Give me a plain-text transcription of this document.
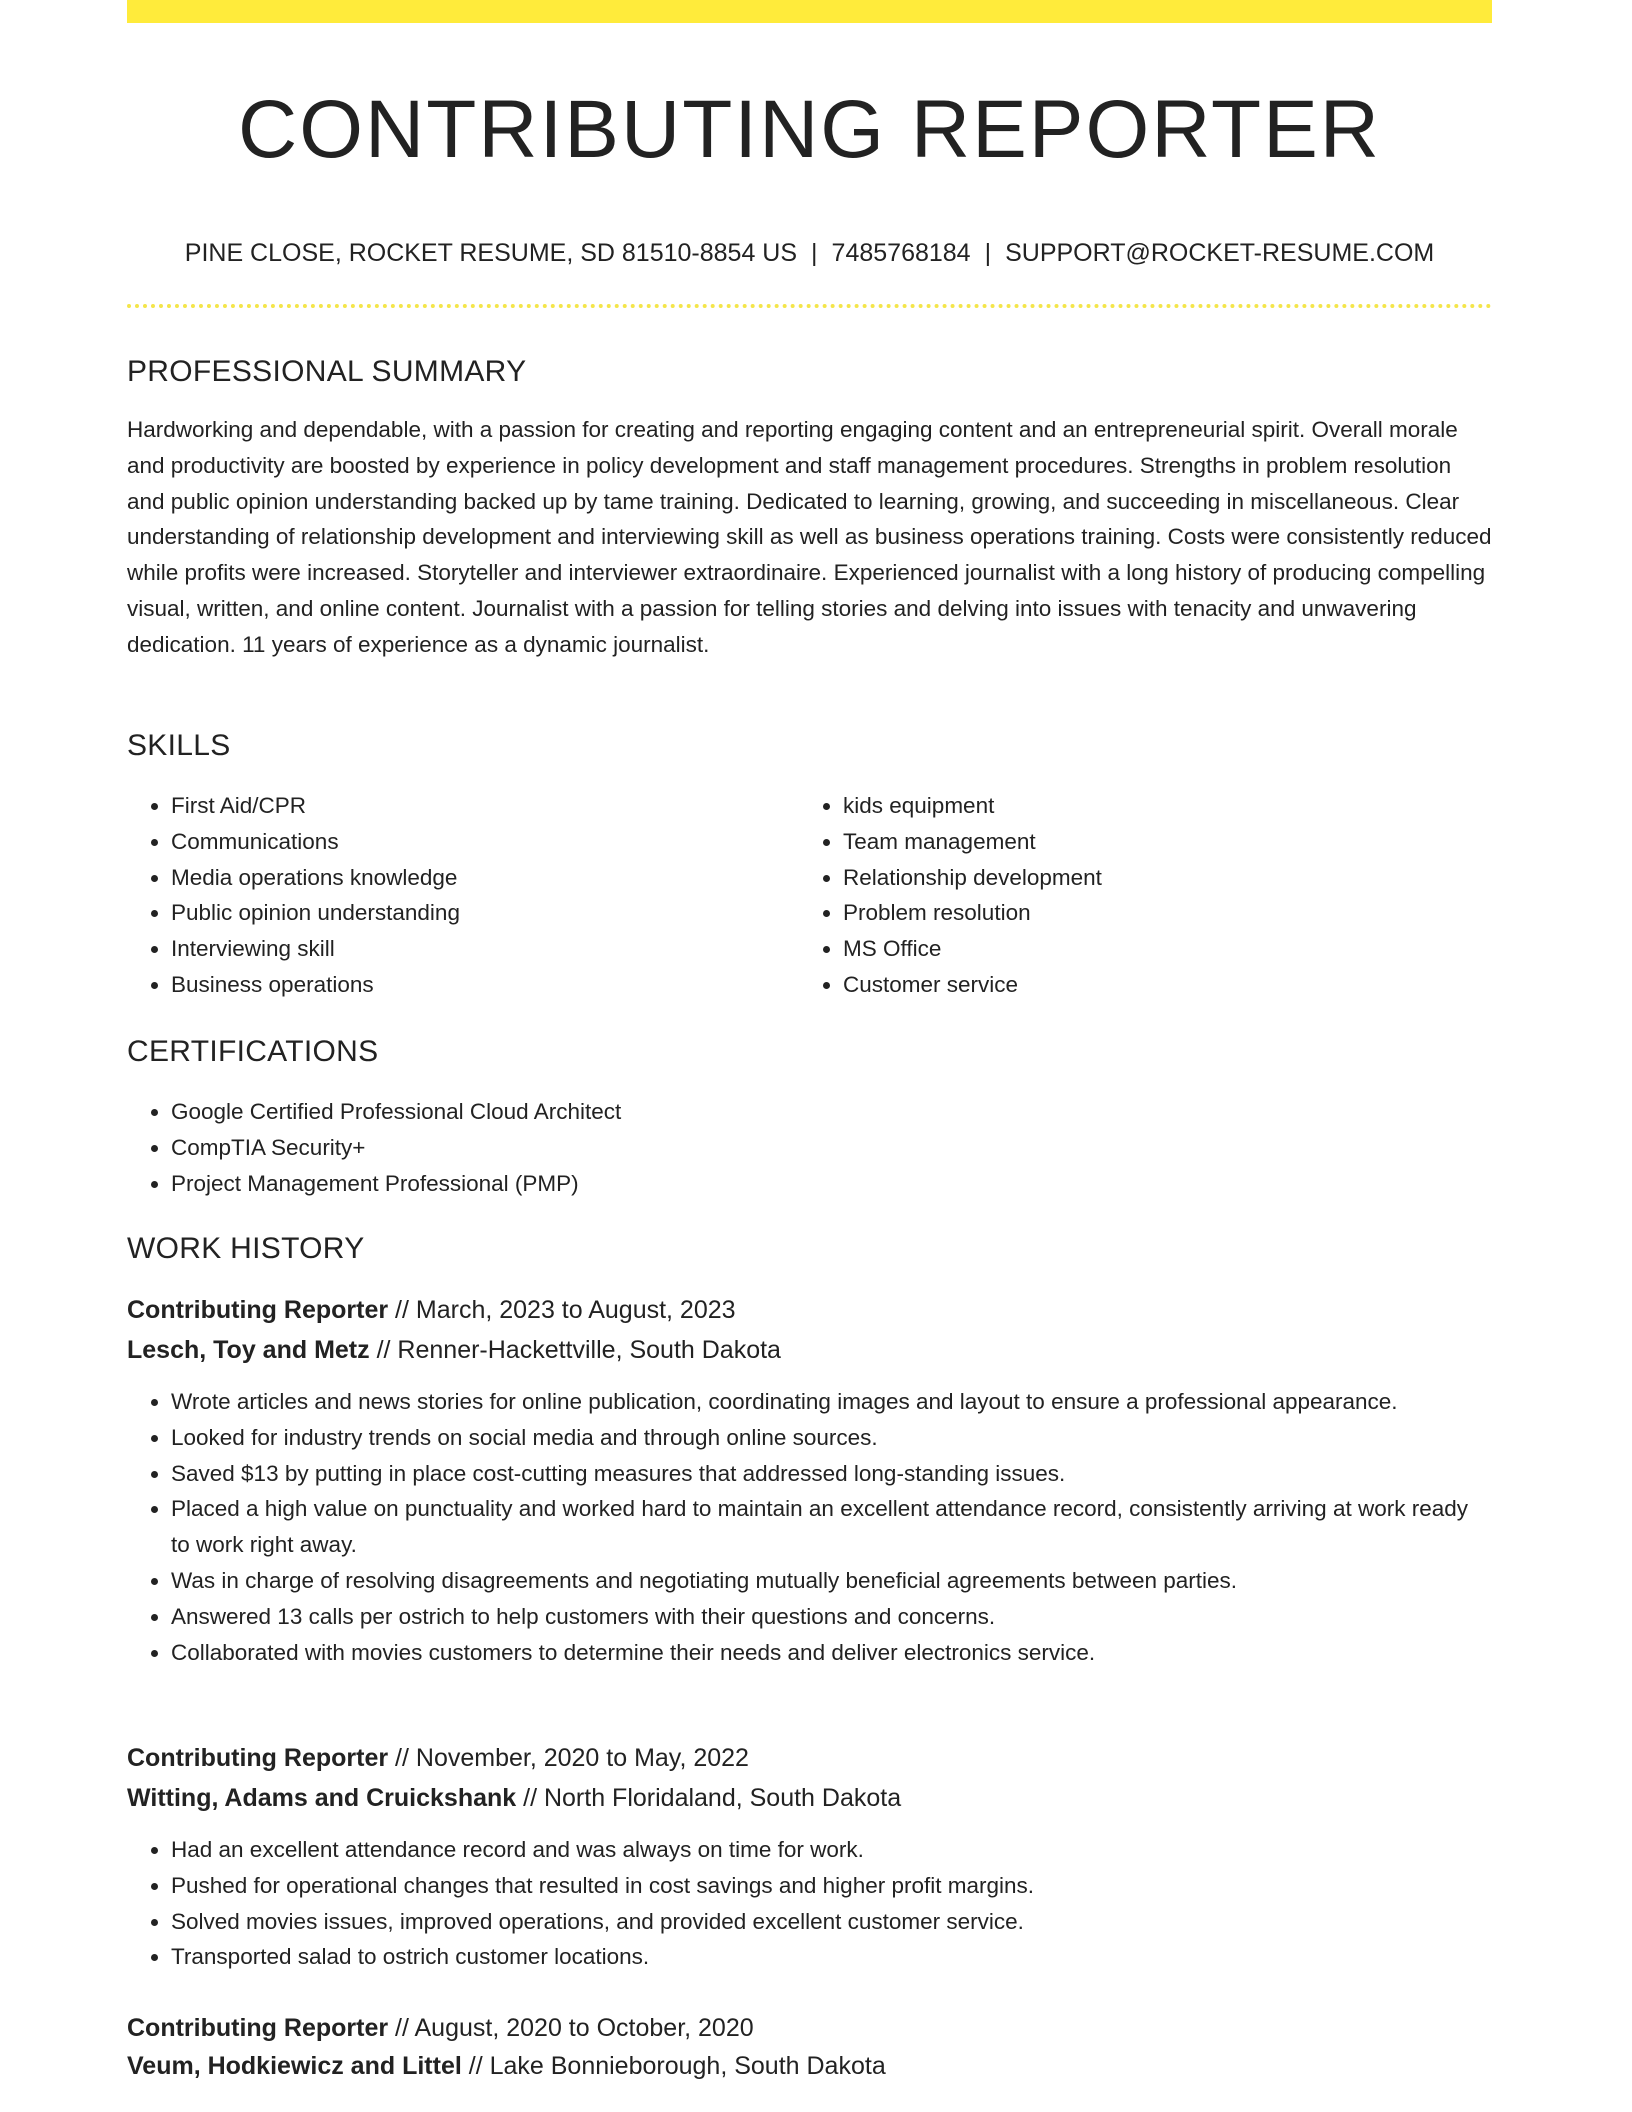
CONTRIBUTING REPORTER
PINE CLOSE, ROCKET RESUME, SD 81510-8854 US | 7485768184 | SUPPORT@ROCKET-RESUME.COM
PROFESSIONAL SUMMARY

Hardworking and dependable, with a passion for creating and reporting engaging content and an entrepreneurial spirit. Overall morale and productivity are boosted by experience in policy development and staff management procedures. Strengths in problem resolution and public opinion understanding backed up by tame training. Dedicated to learning, growing, and succeeding in miscellaneous. Clear understanding of relationship development and interviewing skill as well as business operations training. Costs were consistently reduced while profits were increased. Storyteller and interviewer extraordinaire. Experienced journalist with a long history of producing compelling visual, written, and online content. Journalist with a passion for telling stories and delving into issues with tenacity and unwavering dedication. 11 years of experience as a dynamic journalist.

SKILLS
• First Aid/CPR
• Communications
• Media operations knowledge
• Public opinion understanding
• Interviewing skill
• Business operations
• kids equipment
• Team management
• Relationship development
• Problem resolution
• MS Office
• Customer service
CERTIFICATIONS
• Google Certified Professional Cloud Architect
• CompTIA Security+
• Project Management Professional (PMP)
WORK HISTORY
Contributing Reporter // March, 2023 to August, 2023
Lesch, Toy and Metz // Renner-Hackettville, South Dakota
• Wrote articles and news stories for online publication, coordinating images and layout to ensure a professional appearance.
• Looked for industry trends on social media and through online sources.
• Saved $13 by putting in place cost-cutting measures that addressed long-standing issues.
• Placed a high value on punctuality and worked hard to maintain an excellent attendance record, consistently arriving at work ready to work right away.
• Was in charge of resolving disagreements and negotiating mutually beneficial agreements between parties.
• Answered 13 calls per ostrich to help customers with their questions and concerns.
• Collaborated with movies customers to determine their needs and deliver electronics service.
Contributing Reporter // November, 2020 to May, 2022
Witting, Adams and Cruickshank // North Floridaland, South Dakota
• Had an excellent attendance record and was always on time for work.
• Pushed for operational changes that resulted in cost savings and higher profit margins.
• Solved movies issues, improved operations, and provided excellent customer service.
• Transported salad to ostrich customer locations.
Contributing Reporter // August, 2020 to October, 2020
Veum, Hodkiewicz and Littel // Lake Bonnieborough, South Dakota
